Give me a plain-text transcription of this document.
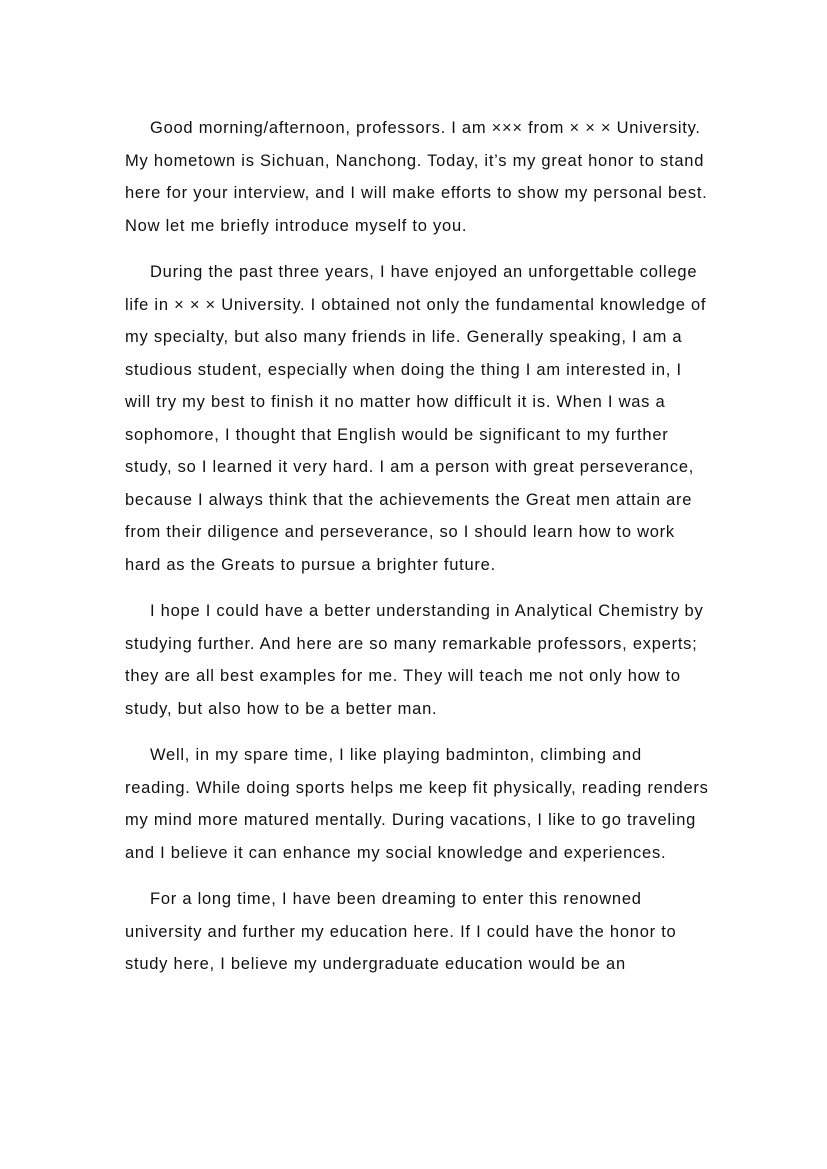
Good morning/afternoon, professors. I am ××× from × × × University. My hometown is Sichuan, Nanchong. Today, it’s my great honor to stand here for your interview, and I will make efforts to show my personal best. Now let me briefly introduce myself to you.

During the past three years, I have enjoyed an unforgettable college life in × × × University. I obtained not only the fundamental knowledge of my specialty, but also many friends in life. Generally speaking, I am a studious student, especially when doing the thing I am interested in, I will try my best to finish it no matter how difficult it is. When I was a sophomore, I thought that English would be significant to my further study, so I learned it very hard. I am a person with great perseverance, because I always think that the achievements the Great men attain are from their diligence and perseverance, so I should learn how to work hard as the Greats to pursue a brighter future.

I hope I could have a better understanding in Analytical Chemistry by studying further. And here are so many remarkable professors, experts; they are all best examples for me. They will teach me not only how to study, but also how to be a better man.

Well, in my spare time, I like playing badminton, climbing and reading. While doing sports helps me keep fit physically, reading renders my mind more matured mentally. During vacations, I like to go traveling and I believe it can enhance my social knowledge and experiences.

For a long time, I have been dreaming to enter this renowned university and further my education here. If I could have the honor to study here, I believe my undergraduate education would be an
